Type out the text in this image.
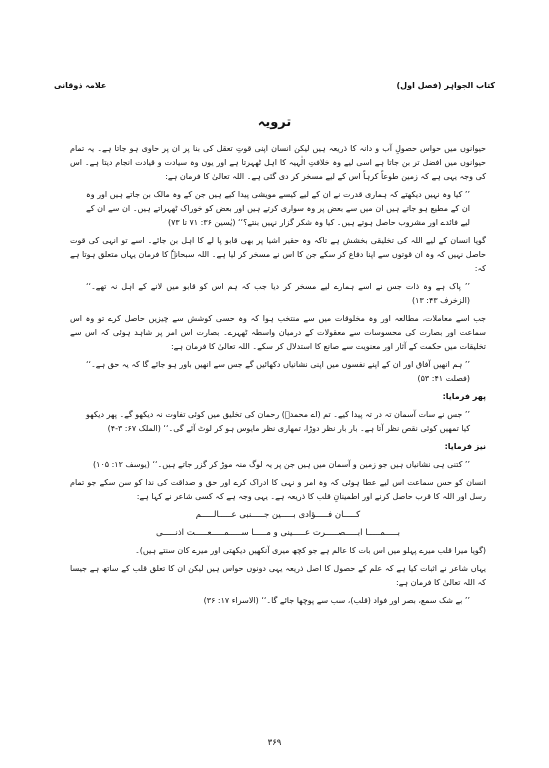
کتاب الجواہر (فصل اول)
علامہ ذوقانی
ترویہ

حیوانوں میں حواس حصولِ آب و دانہ کا ذریعہ ہیں لیکن انسان اپنی قوتِ تعقل کی بنا پر ان پر حاوی ہو جاتا ہے۔ یہ تمام حیوانوں میں افضل تر بن جاتا ہے اسی لیے وہ خلافتِ الٰہیہ کا اہل ٹھہرتا ہے اور یوں وہ سیادت و قیادت انجام دیتا ہے۔ اس کی وجہ یہی ہے کہ زمین طوعاً کرہاً اس کے لیے مسخر کر دی گئی ہے۔ اللہ تعالیٰ کا فرمان ہے:

’’ کیا وہ نہیں دیکھتے کہ ہماری قدرت نے ان کے لیے کیسے مویشی پیدا کیے ہیں جن کے وہ مالک بن جاتے ہیں اور وہ ان کے مطیع ہو جاتے ہیں ان میں سے بعض پر وہ سواری کرتے ہیں اور بعض کو خوراک ٹھہراتے ہیں۔ ان سے ان کے لیے فائدے اور مشروب حاصل ہوتے ہیں۔ کیا وہ شکر گزار نہیں بنتے؟‘‘ (یٰسین ۳۶: ۷۱ تا ۷۳)

گویا انسان کے لیے اللہ کی تخلیقی بخشش ہے تاکہ وہ حقیر اشیا پر بھی قابو پا لے کا اہل بن جائے۔ اسے تو انہی کی قوت حاصل نہیں کہ وہ ان قوتوں سے اپنا دفاع کر سکے جن کا اس نے مسخر کر لیا ہے۔ اللہ سبحانہٗ کا فرمان یہاں متعلق ہوتا ہے کہ:

’’ پاک ہے وہ ذات جس نے اسے ہمارے لیے مسخر کر دیا جب کہ ہم اس کو قابو میں لانے کے اہل نہ تھے۔‘‘ (الزخرف ۴۳: ۱۳)

جب اسے معاملات، مطالعہ اور وہ مخلوقات میں سے منتخب ہوا کہ وہ حسی کوشش سے چیزیں حاصل کرے تو وہ اس سماعت اور بصارت کی محسوسات سے معقولات کے درمیان واسطہ ٹھہرے۔ بصارت اس امر پر شاہد ہوئی کہ اس سے تخلیقات میں حکمت کے آثار اور معنویت سے صانع کا استدلال کر سکے۔ اللہ تعالیٰ کا فرمان ہے:

’’ ہم انھیں آفاق اور ان کے اپنے نفسوں میں اپنی نشانیاں دکھائیں گے جس سے انھیں باور ہو جائے گا کہ یہ حق ہے۔‘‘ (فصلت ۴۱: ۵۳)

پھر فرمایا:

’’ جس نے سات آسمان تہ در تہ پیدا کیے۔ تم (اے محمدؐ) رحمان کی تخلیق میں کوئی تفاوت نہ دیکھو گے۔ پھر دیکھو کیا تمھیں کوئی نقص نظر آتا ہے۔ بار بار نظر دوڑا، تمھاری نظر مایوس ہو کر لوٹ آئے گی۔‘‘ (الملک ۶۷: ۳-۴)

نیز فرمایا:

’’ کتنی ہی نشانیاں ہیں جو زمین و آسمان میں ہیں جن پر یہ لوگ منہ موڑ کر گزر جاتے ہیں۔‘‘ (یوسف ۱۲: ۱۰۵)

انسان کو حس سماعت اس لیے عطا ہوئی کہ وہ امر و نہی کا ادراک کرے اور حق و صداقت کی ندا کو سن سکے جو تمام رسل اور اللہ کا قرب حاصل کرنے اور اطمینانِ قلب کا ذریعہ ہے۔ یہی وجہ ہے کہ کسی شاعر نے کہا ہے:

کـــــان فـــــؤادی بـــــین جـــــنبی عـــــالـــــم
بـــــمـــــا ابـــــصـــــرت عـــــینی و مـــــا ســـــمـــــعـــــت اذنـــــی

(گویا میرا قلب میرے پہلو میں اس بات کا عالم ہے جو کچھ میری آنکھیں دیکھتی اور میرے کان سنتے ہیں)۔

یہاں شاعر نے اثبات کیا ہے کہ علم کے حصول کا اصل ذریعہ یہی دونوں حواس ہیں لیکن ان کا تعلق قلب کے ساتھ ہے جیسا کہ اللہ تعالیٰ کا فرمان ہے:

’’ بے شک سمع، بصر اور فواد (قلب)، سب سے پوچھا جائے گا۔‘‘ (الاسراء ۱۷: ۳۶)

۳۶۹
